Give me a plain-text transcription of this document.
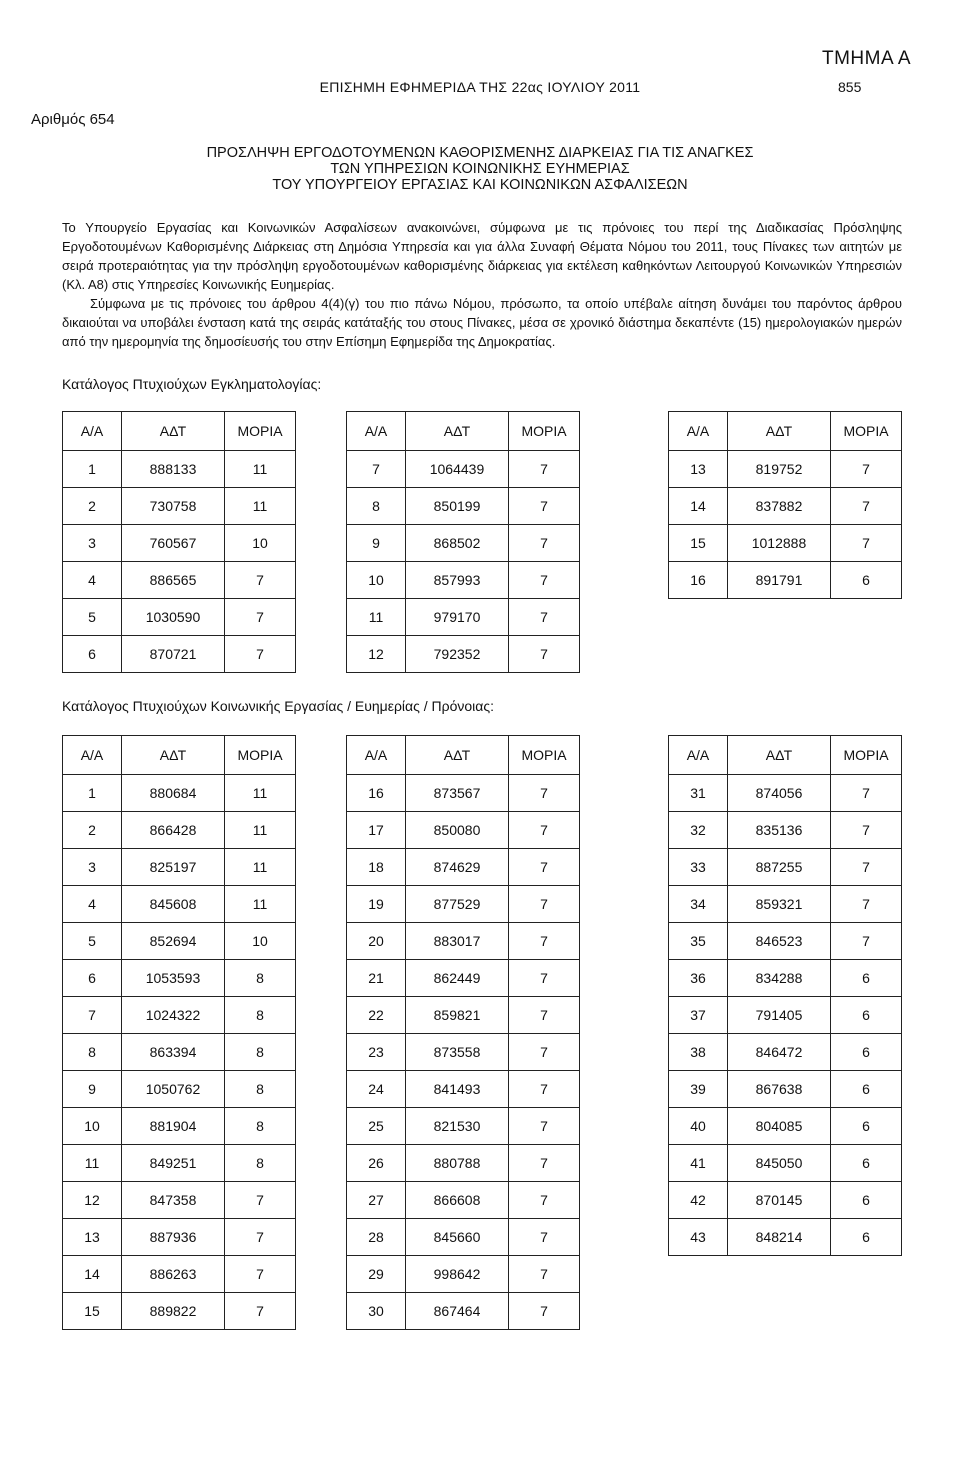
ΤΜΗΜΑ Α
ΕΠΙΣΗΜΗ ΕΦΗΜΕΡΙΔΑ ΤΗΣ 22ας ΙΟΥΛΙΟΥ 2011	855
Αριθμός 654
ΠΡΟΣΛΗΨΗ ΕΡΓΟΔΟΤΟΥΜΕΝΩΝ ΚΑΘΟΡΙΣΜΕΝΗΣ ΔΙΑΡΚΕΙΑΣ ΓΙΑ ΤΙΣ ΑΝΑΓΚΕΣ
ΤΩΝ ΥΠΗΡΕΣΙΩΝ ΚΟΙΝΩΝΙΚΗΣ ΕΥΗΜΕΡΙΑΣ
ΤΟΥ ΥΠΟΥΡΓΕΙΟΥ ΕΡΓΑΣΙΑΣ ΚΑΙ ΚΟΙΝΩΝΙΚΩΝ ΑΣΦΑΛΙΣΕΩΝ

Το Υπουργείο Εργασίας και Κοινωνικών Ασφαλίσεων ανακοινώνει, σύμφωνα με τις πρόνοιες του περί της Διαδικασίας Πρόσληψης Εργοδοτουμένων Καθορισμένης Διάρκειας στη Δημόσια Υπηρεσία και για άλλα Συναφή Θέματα Νόμου του 2011, τους Πίνακες των αιτητών με σειρά προτεραιότητας για την πρόσληψη εργοδοτουμένων καθορισμένης διάρκειας για εκτέλεση καθηκόντων Λειτουργού Κοινωνικών Υπηρεσιών (Κλ. Α8) στις Υπηρεσίες Κοινωνικής Ευημερίας.

Σύμφωνα με τις πρόνοιες του άρθρου 4(4)(γ) του πιο πάνω Νόμου, πρόσωπο, τα οποίο υπέβαλε αίτηση δυνάμει του παρόντος άρθρου δικαιούται να υποβάλει ένσταση κατά της σειράς κατάταξής του στους Πίνακες, μέσα σε χρονικό διάστημα δεκαπέντε (15) ημερολογιακών ημερών από την ημερομηνία της δημοσίευσής του στην Επίσημη Εφημερίδα της Δημοκρατίας.

Κατάλογος Πτυχιούχων Εγκληματολογίας:
Α/Α	ΑΔΤ	ΜΟΡΙΑ
1	888133	11
2	730758	11
3	760567	10
4	886565	7
5	1030590	7
6	870721	7
Α/Α	ΑΔΤ	ΜΟΡΙΑ
7	1064439	7
8	850199	7
9	868502	7
10	857993	7
11	979170	7
12	792352	7
Α/Α	ΑΔΤ	ΜΟΡΙΑ
13	819752	7
14	837882	7
15	1012888	7
16	891791	6
Κατάλογος Πτυχιούχων Κοινωνικής Εργασίας / Ευημερίας / Πρόνοιας:
Α/Α	ΑΔΤ	ΜΟΡΙΑ
1	880684	11
2	866428	11
3	825197	11
4	845608	11
5	852694	10
6	1053593	8
7	1024322	8
8	863394	8
9	1050762	8
10	881904	8
11	849251	8
12	847358	7
13	887936	7
14	886263	7
15	889822	7
Α/Α	ΑΔΤ	ΜΟΡΙΑ
16	873567	7
17	850080	7
18	874629	7
19	877529	7
20	883017	7
21	862449	7
22	859821	7
23	873558	7
24	841493	7
25	821530	7
26	880788	7
27	866608	7
28	845660	7
29	998642	7
30	867464	7
Α/Α	ΑΔΤ	ΜΟΡΙΑ
31	874056	7
32	835136	7
33	887255	7
34	859321	7
35	846523	7
36	834288	6
37	791405	6
38	846472	6
39	867638	6
40	804085	6
41	845050	6
42	870145	6
43	848214	6
